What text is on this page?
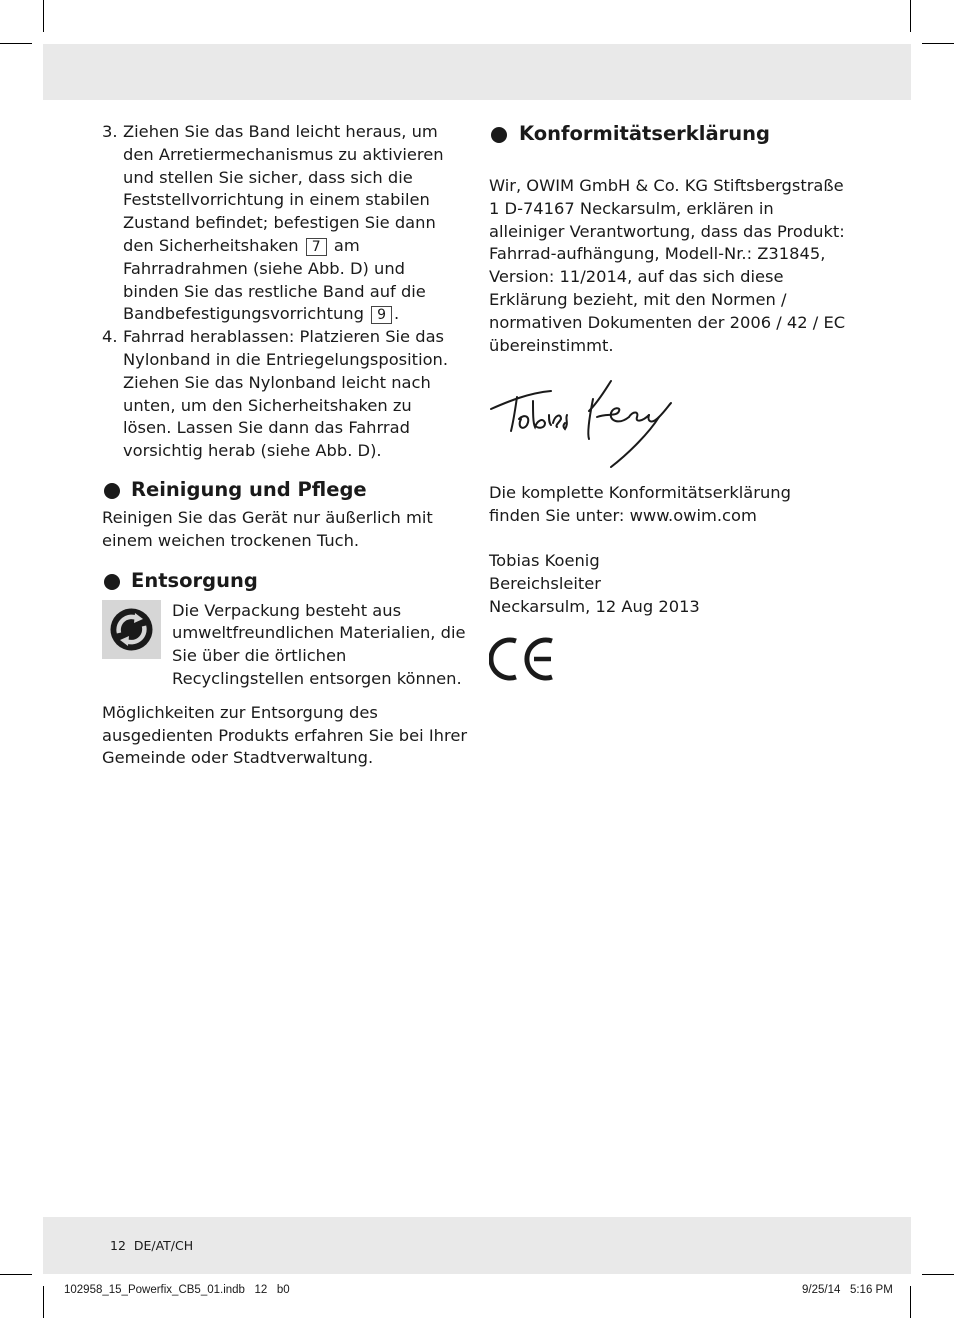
3. Ziehen Sie das Band leicht heraus, um den Arretiermechanismus zu aktivieren und stellen Sie sicher, dass sich die Feststellvorrichtung in einem stabilen Zustand befindet; befestigen Sie dann den Sicherheitshaken 7 am Fahrradrahmen (siehe Abb. D) und binden Sie das restliche Band auf die Bandbefestigungsvorrichtung 9 .
4. Fahrrad herablassen: Platzieren Sie das Nylonband in die Entriegelungsposition. Ziehen Sie das Nylonband leicht nach unten, um den Sicherheitshaken zu lösen. Lassen Sie dann das Fahrrad vorsichtig herab (siehe Abb. D).
Reinigung und Pflege

Reinigen Sie das Gerät nur äußerlich mit einem weichen trockenen Tuch.

Entsorgung

Die Verpackung besteht aus umweltfreundlichen Materialien, die Sie über die örtlichen Recyclingstellen entsorgen können.

Möglichkeiten zur Entsorgung des ausgedienten Produkts erfahren Sie bei Ihrer Gemeinde oder Stadtverwaltung.

Konformitätserklärung

Wir, OWIM GmbH & Co. KG Stiftsbergstraße 1 D-74167 Neckarsulm, erklären in alleiniger Verantwortung, dass das Produkt: Fahrrad-aufhängung, Modell-Nr.: Z31845, Version: 11/2014, auf das sich diese Erklärung bezieht, mit den Normen / normativen Dokumenten der 2006 / 42 / EC übereinstimmt.

Die komplette Konformitätserklärung finden Sie unter: www.owim.com

Tobias Koenig

Bereichsleiter

Neckarsulm, 12 Aug 2013

12  DE/AT/CH
102958_15_Powerfix_CB5_01.indb   12   b0	9/25/14   5:16 PM
